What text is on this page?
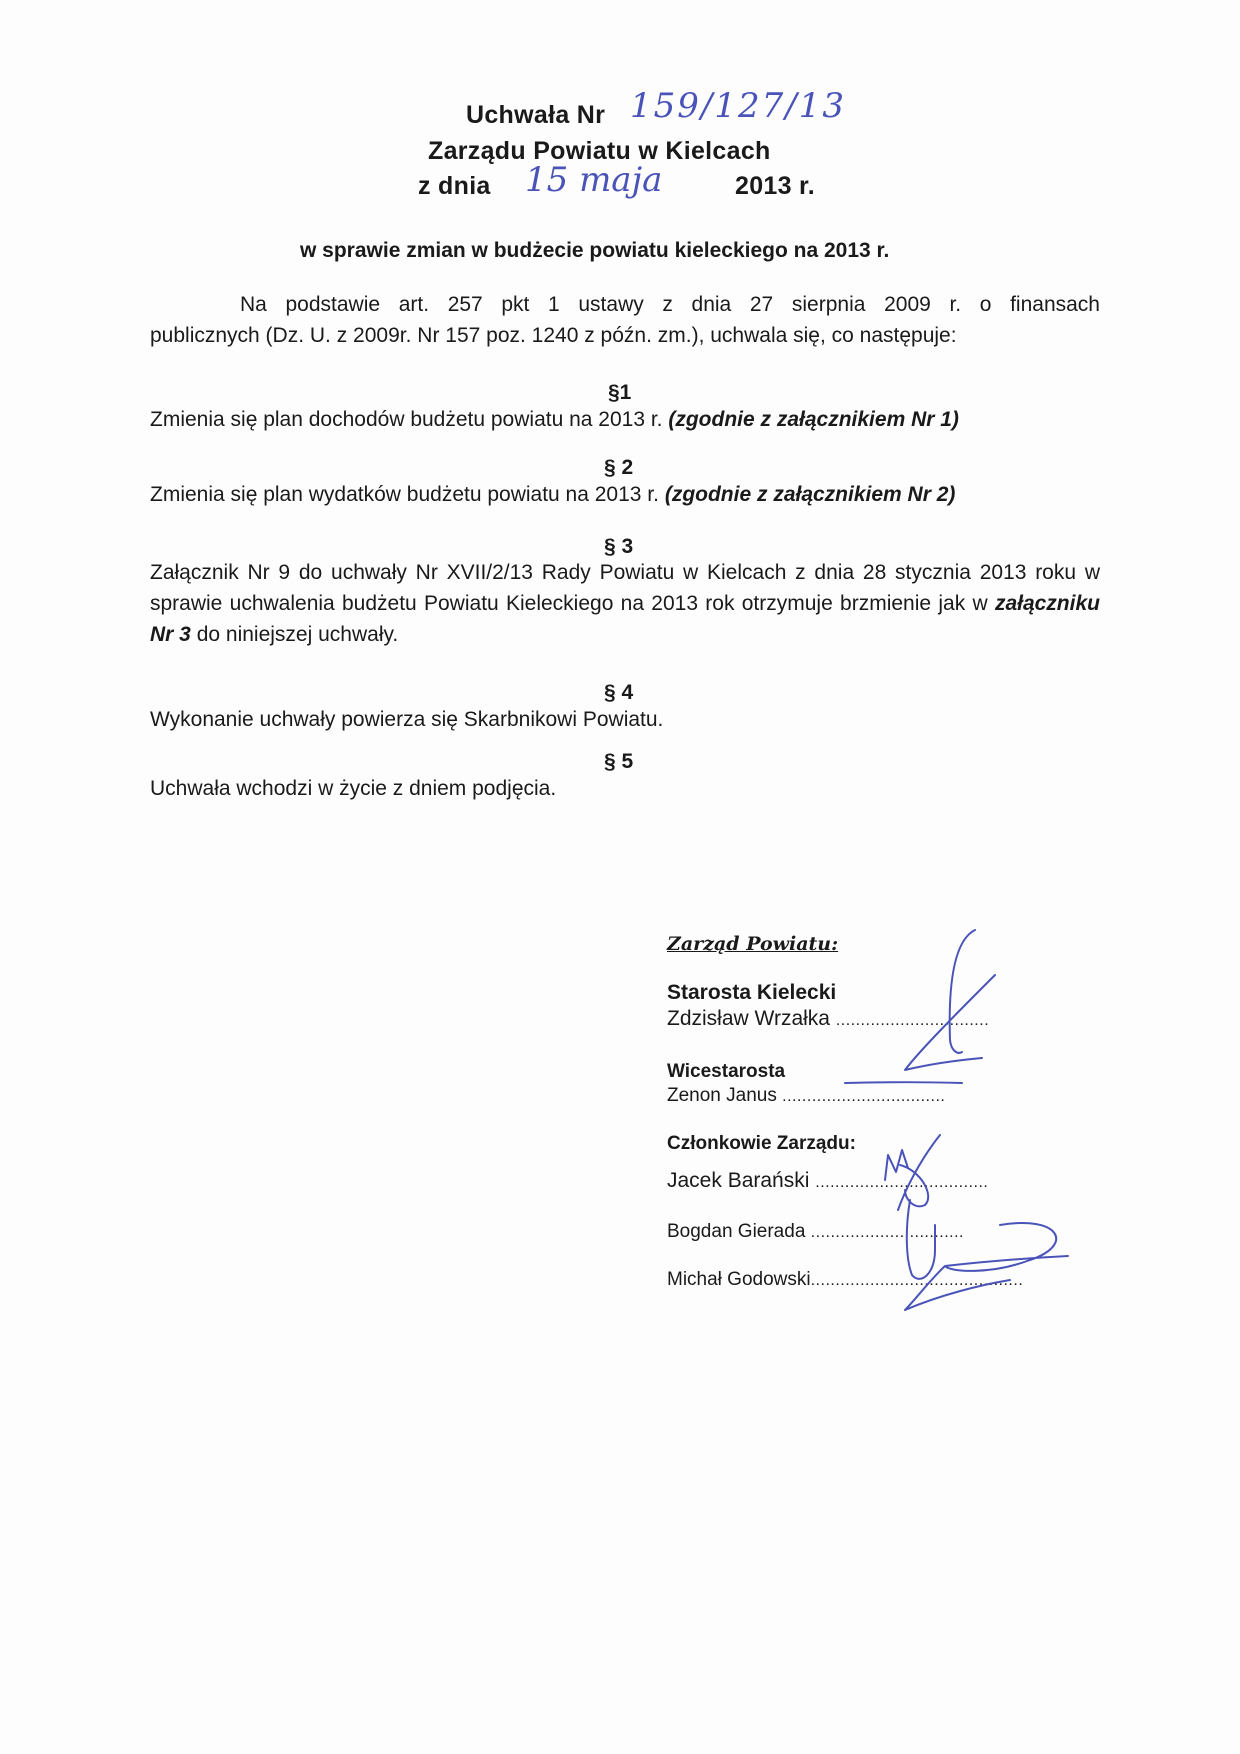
Uchwała Nr 159/127/13
Zarządu Powiatu w Kielcach
z dnia 15 maja	2013 r.
w sprawie zmian w budżecie powiatu kieleckiego na 2013 r.
Na podstawie art. 257 pkt 1 ustawy z dnia 27 sierpnia 2009 r. o finansach
publicznych (Dz. U. z 2009r. Nr 157 poz. 1240 z późn. zm.), uchwala się, co następuje:
§1
Zmienia się plan dochodów budżetu powiatu na 2013 r. (zgodnie z załącznikiem Nr 1)
§ 2
Zmienia się plan wydatków budżetu powiatu na 2013 r. (zgodnie z załącznikiem Nr 2)
§ 3
Załącznik Nr 9 do uchwały Nr XVII/2/13 Rady Powiatu w Kielcach z dnia 28 stycznia 2013 roku w sprawie uchwalenia budżetu Powiatu Kieleckiego na 2013 rok otrzymuje brzmienie jak w załączniku Nr 3 do niniejszej uchwały.
§ 4
Wykonanie uchwały powierza się Skarbnikowi Powiatu.
§ 5
Uchwała wchodzi w życie z dniem podjęcia.
Zarząd Powiatu:
Starosta Kielecki
Zdzisław Wrzałka ...............................
Wicestarosta
Zenon Janus .................................
Członkowie Zarządu:
Jacek Barański ...................................
Bogdan Gierada ...............................
Michał Godowski...........................................
